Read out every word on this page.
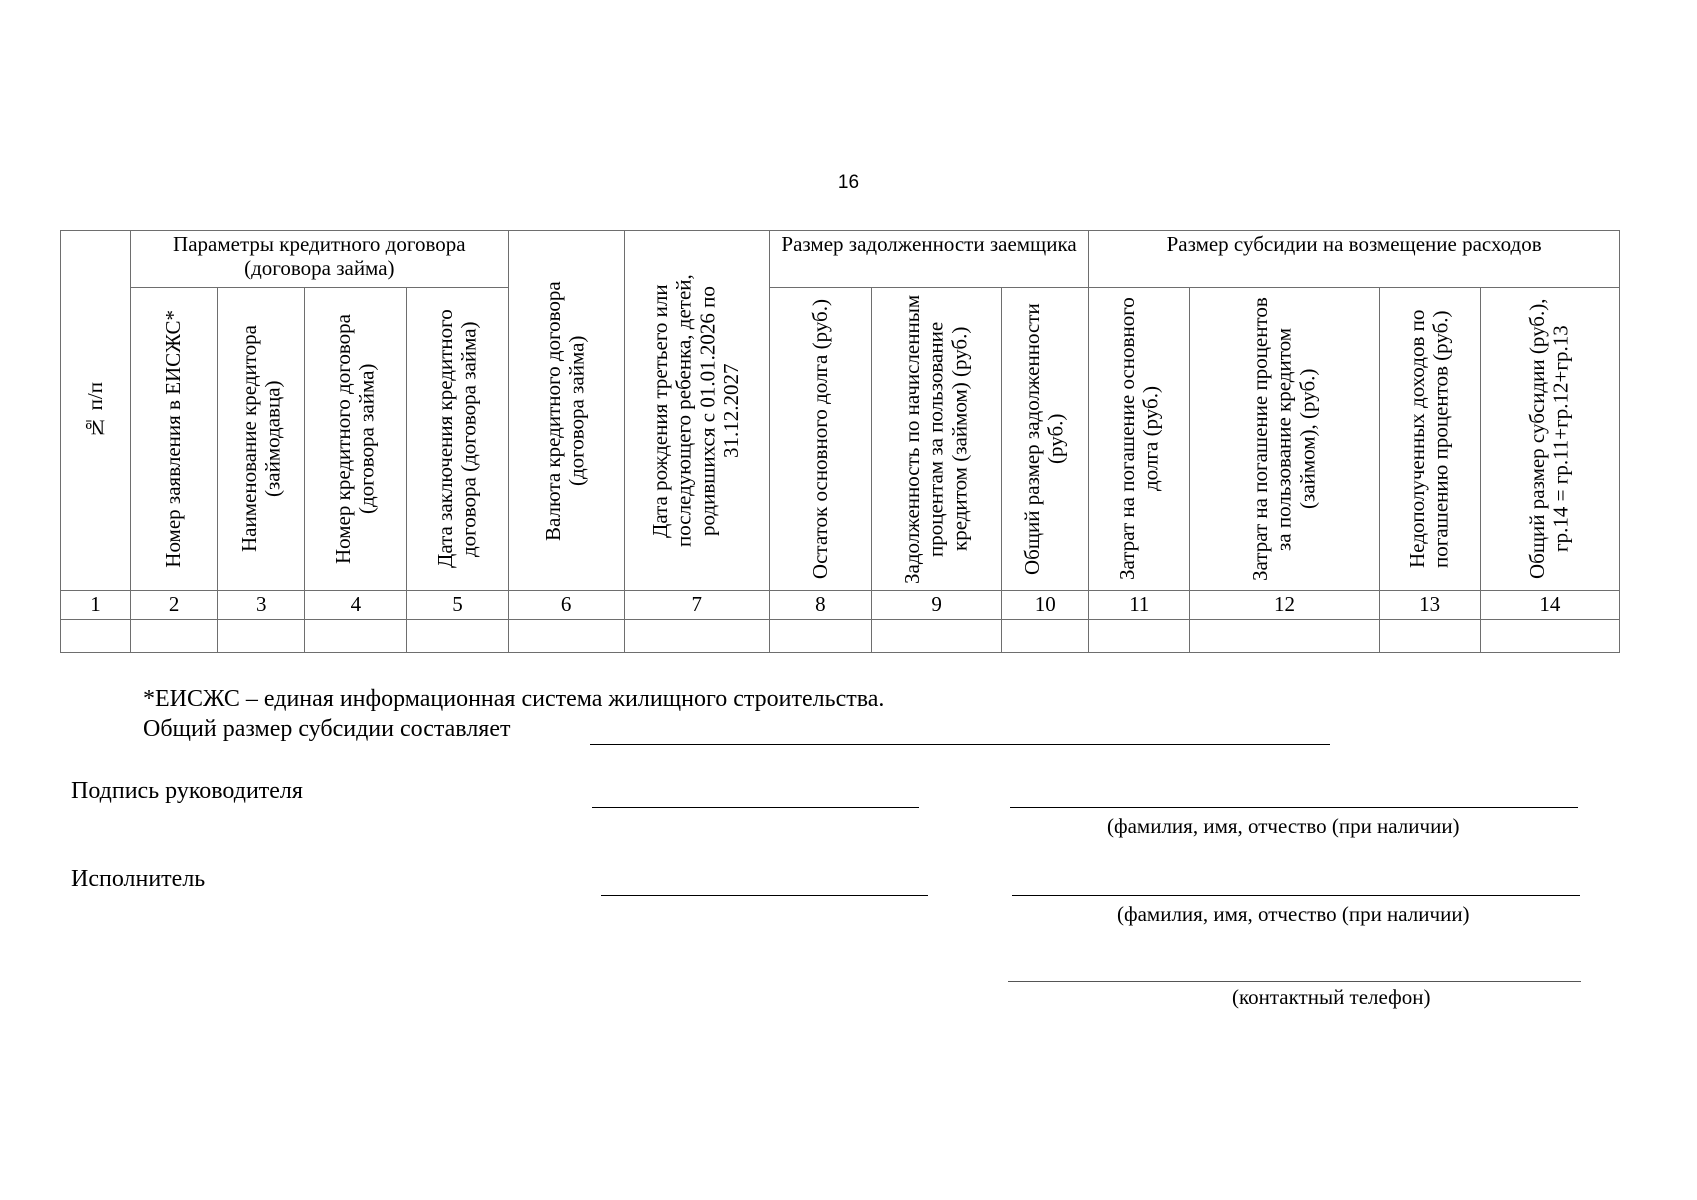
16
№ п/п	Параметры кредитного договора (договора займа)				Валюта кредитного договора (договора займа)	Дата рождения третьего или последующего ребенка, детей, родившихся с 01.01.2026 по 31.12.2027	Размер задолженности заемщика			Размер субсидии на возмещение расходов			

	Номер заявления в ЕИСЖС*	Наименование кредитора (займодавца)	Номер кредитного договора (договора займа)	Дата заключения кредитного договора (договора займа)			Остаток основного долга (руб.)	Задолженность по начисленным процентам за пользование кредитом (займом) (руб.)	Общий размер задолженности (руб.)	Затрат на погашение основного долга (руб.)	Затрат на погашение процентов за пользование кредитом (займом), (руб.)	Недополученных доходов по погашению процентов (руб.)	Общий размер субсидии (руб.), гр.14 = гр.11+гр.12+гр.13

1	2	3	4	5	6	7	8	9	10	11	12	13	14

*ЕИСЖС – единая информационная система жилищного строительства.
Общий размер субсидии составляет
Подпись руководителя
(фамилия, имя, отчество (при наличии)
Исполнитель
(фамилия, имя, отчество (при наличии)
(контактный телефон)
